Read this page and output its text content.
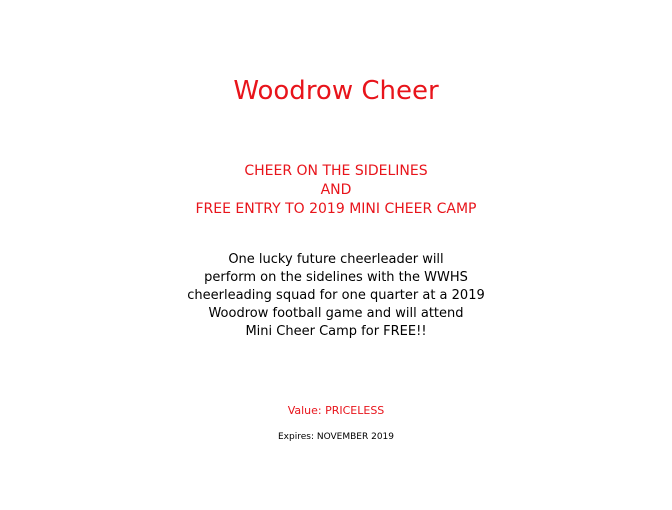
Woodrow Cheer
CHEER ON THE SIDELINES
AND
FREE ENTRY TO 2019 MINI CHEER CAMP
One lucky future cheerleader will
perform on the sidelines with the WWHS
cheerleading squad for one quarter at a 2019
Woodrow football game and will attend
Mini Cheer Camp for FREE!!
Value: PRICELESS
Expires: NOVEMBER 2019
